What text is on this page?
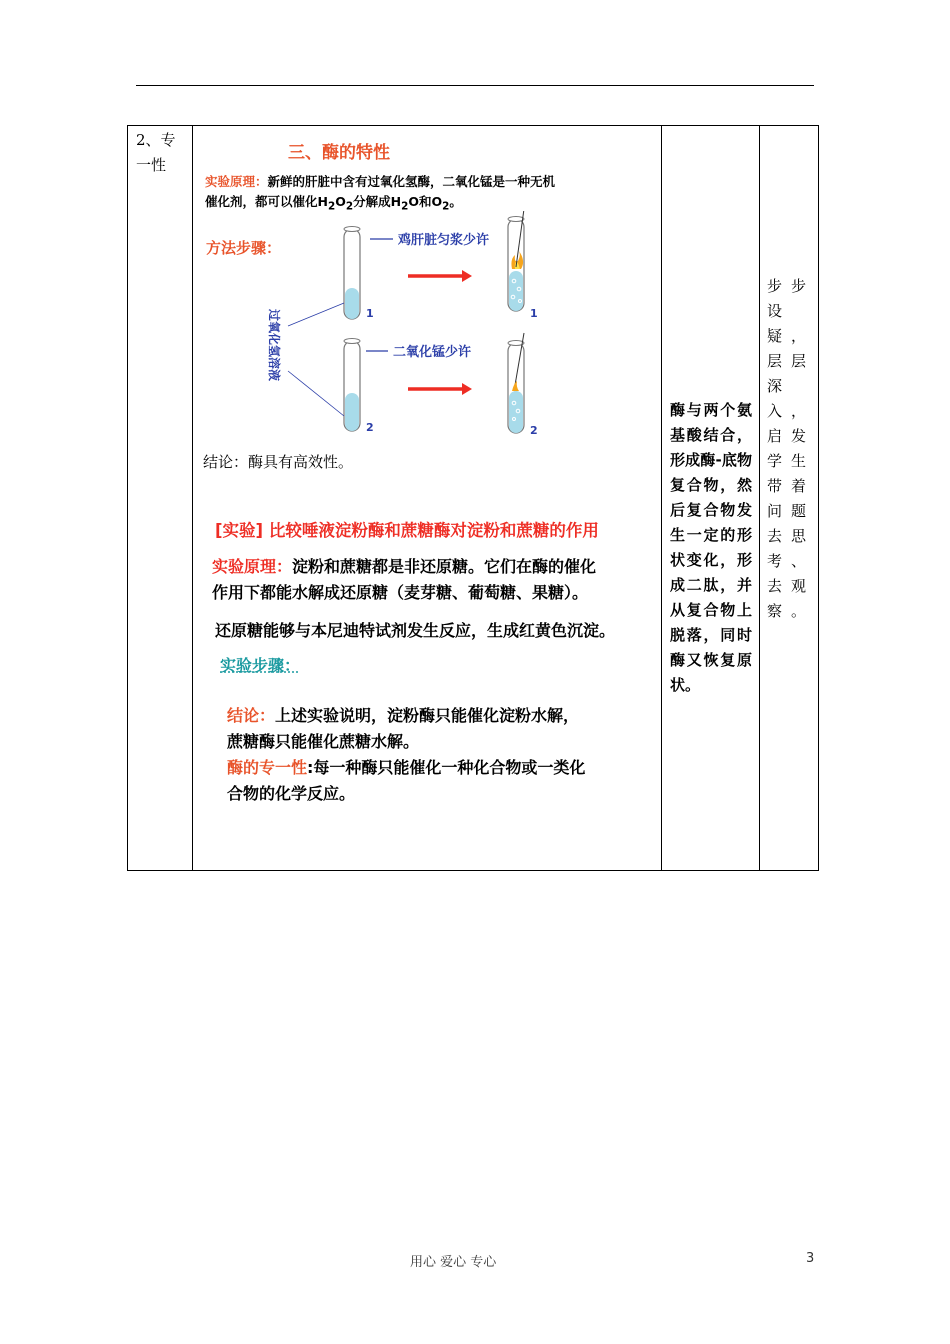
2、专一性
三、酶的特性
实验原理：新鲜的肝脏中含有过氧化氢酶，二氧化锰是一种无机
催化剂，都可以催化$H_2O_2$分解成$H_2O$和$O_2$。
方法步骤：	鸡肝脏匀浆少许
二氧化锰少许
1
2
1
2
过氧化氢溶液
结论：酶具有高效性。
[实验] 比较唾液淀粉酶和蔗糖酶对淀粉和蔗糖的作用
实验原理：淀粉和蔗糖都是非还原糖。它们在酶的催化
作用下都能水解成还原糖（麦芽糖、葡萄糖、果糖）。
还原糖能够与本尼迪特试剂发生反应，生成红黄色沉淀。
实验步骤：
结论：上述实验说明，淀粉酶只能催化淀粉水解，
蔗糖酶只能催化蔗糖水解。
酶的专一性:每一种酶只能催化一种化合物或一类化
合物的化学反应。
酶与两个氨基酸结合，形成酶-底物复合物，然后复合物发生一定的形状变化，形成二肽，并从复合物上脱落，同时酶又恢复原状。
步步设疑，层层深入，启发学生带着问题去思考、去观察。
用心 爱心 专心	3
